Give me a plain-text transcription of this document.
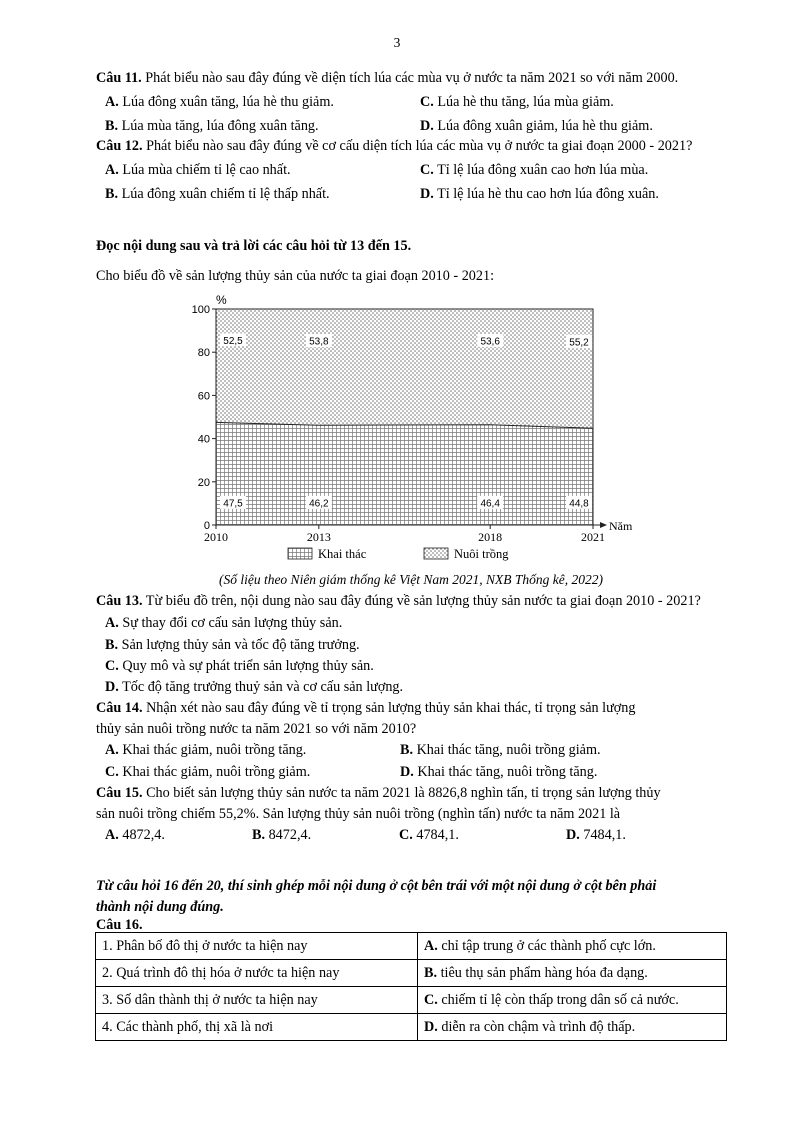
3
Câu 11. Phát biểu nào sau đây đúng về diện tích lúa các mùa vụ ở nước ta năm 2021 so với năm 2000.
A. Lúa đông xuân tăng, lúa hè thu giảm.	C. Lúa hè thu tăng, lúa mùa giảm.
B. Lúa mùa tăng, lúa đông xuân tăng.	D. Lúa đông xuân giảm, lúa hè thu giảm.
Câu 12. Phát biểu nào sau đây đúng về cơ cấu diện tích lúa các mùa vụ ở nước ta giai đoạn 2000 - 2021?
A. Lúa mùa chiếm tỉ lệ cao nhất.	C. Tỉ lệ lúa đông xuân cao hơn lúa mùa.
B. Lúa đông xuân chiếm tỉ lệ thấp nhất.	D. Tỉ lệ lúa hè thu cao hơn lúa đông xuân.
Đọc nội dung sau và trả lời các câu hỏi từ 13 đến 15.
Cho biểu đồ về sản lượng thủy sản của nước ta giai đoạn 2010 - 2021:
0
20
40
60
80
100
%
Năm
2010	2013	2018	2021
47,5	46,2	46,4	44,8
52,5	53,8	53,6	55,2
Khai thác	Nuôi trồng
(Số liệu theo Niên giám thống kê Việt Nam 2021, NXB Thống kê, 2022)
Câu 13. Từ biểu đồ trên, nội dung nào sau đây đúng về sản lượng thủy sản nước ta giai đoạn 2010 - 2021?
A. Sự thay đổi cơ cấu sản lượng thủy sản.
B. Sản lượng thủy sản và tốc độ tăng trưởng.
C. Quy mô và sự phát triển sản lượng thủy sản.
D. Tốc độ tăng trưởng thuỷ sản và cơ cấu sản lượng.
Câu 14. Nhận xét nào sau đây đúng về tỉ trọng sản lượng thủy sản khai thác, tỉ trọng sản lượng
thủy sản nuôi trồng nước ta năm 2021 so với năm 2010?
A. Khai thác giảm, nuôi trồng tăng.	B. Khai thác tăng, nuôi trồng giảm.
C. Khai thác giảm, nuôi trồng giảm.	D. Khai thác tăng, nuôi trồng tăng.
Câu 15. Cho biết sản lượng thủy sản nước ta năm 2021 là 8826,8 nghìn tấn, tỉ trọng sản lượng thủy
sản nuôi trồng chiếm 55,2%. Sản lượng thủy sản nuôi trồng (nghìn tấn) nước ta năm 2021 là
A. 4872,4.	B. 8472,4.	C. 4784,1.	D. 7484,1.
Từ câu hỏi 16 đến 20, thí sinh ghép mỗi nội dung ở cột bên trái với một nội dung ở cột bên phải
thành nội dung đúng.
Câu 16.
1. Phân bố đô thị ở nước ta hiện nay	A. chỉ tập trung ở các thành phố cực lớn.
2. Quá trình đô thị hóa ở nước ta hiện nay	B. tiêu thụ sản phẩm hàng hóa đa dạng.
3. Số dân thành thị ở nước ta hiện nay	C. chiếm tỉ lệ còn thấp trong dân số cả nước.
4. Các thành phố, thị xã là nơi	D. diễn ra còn chậm và trình độ thấp.
